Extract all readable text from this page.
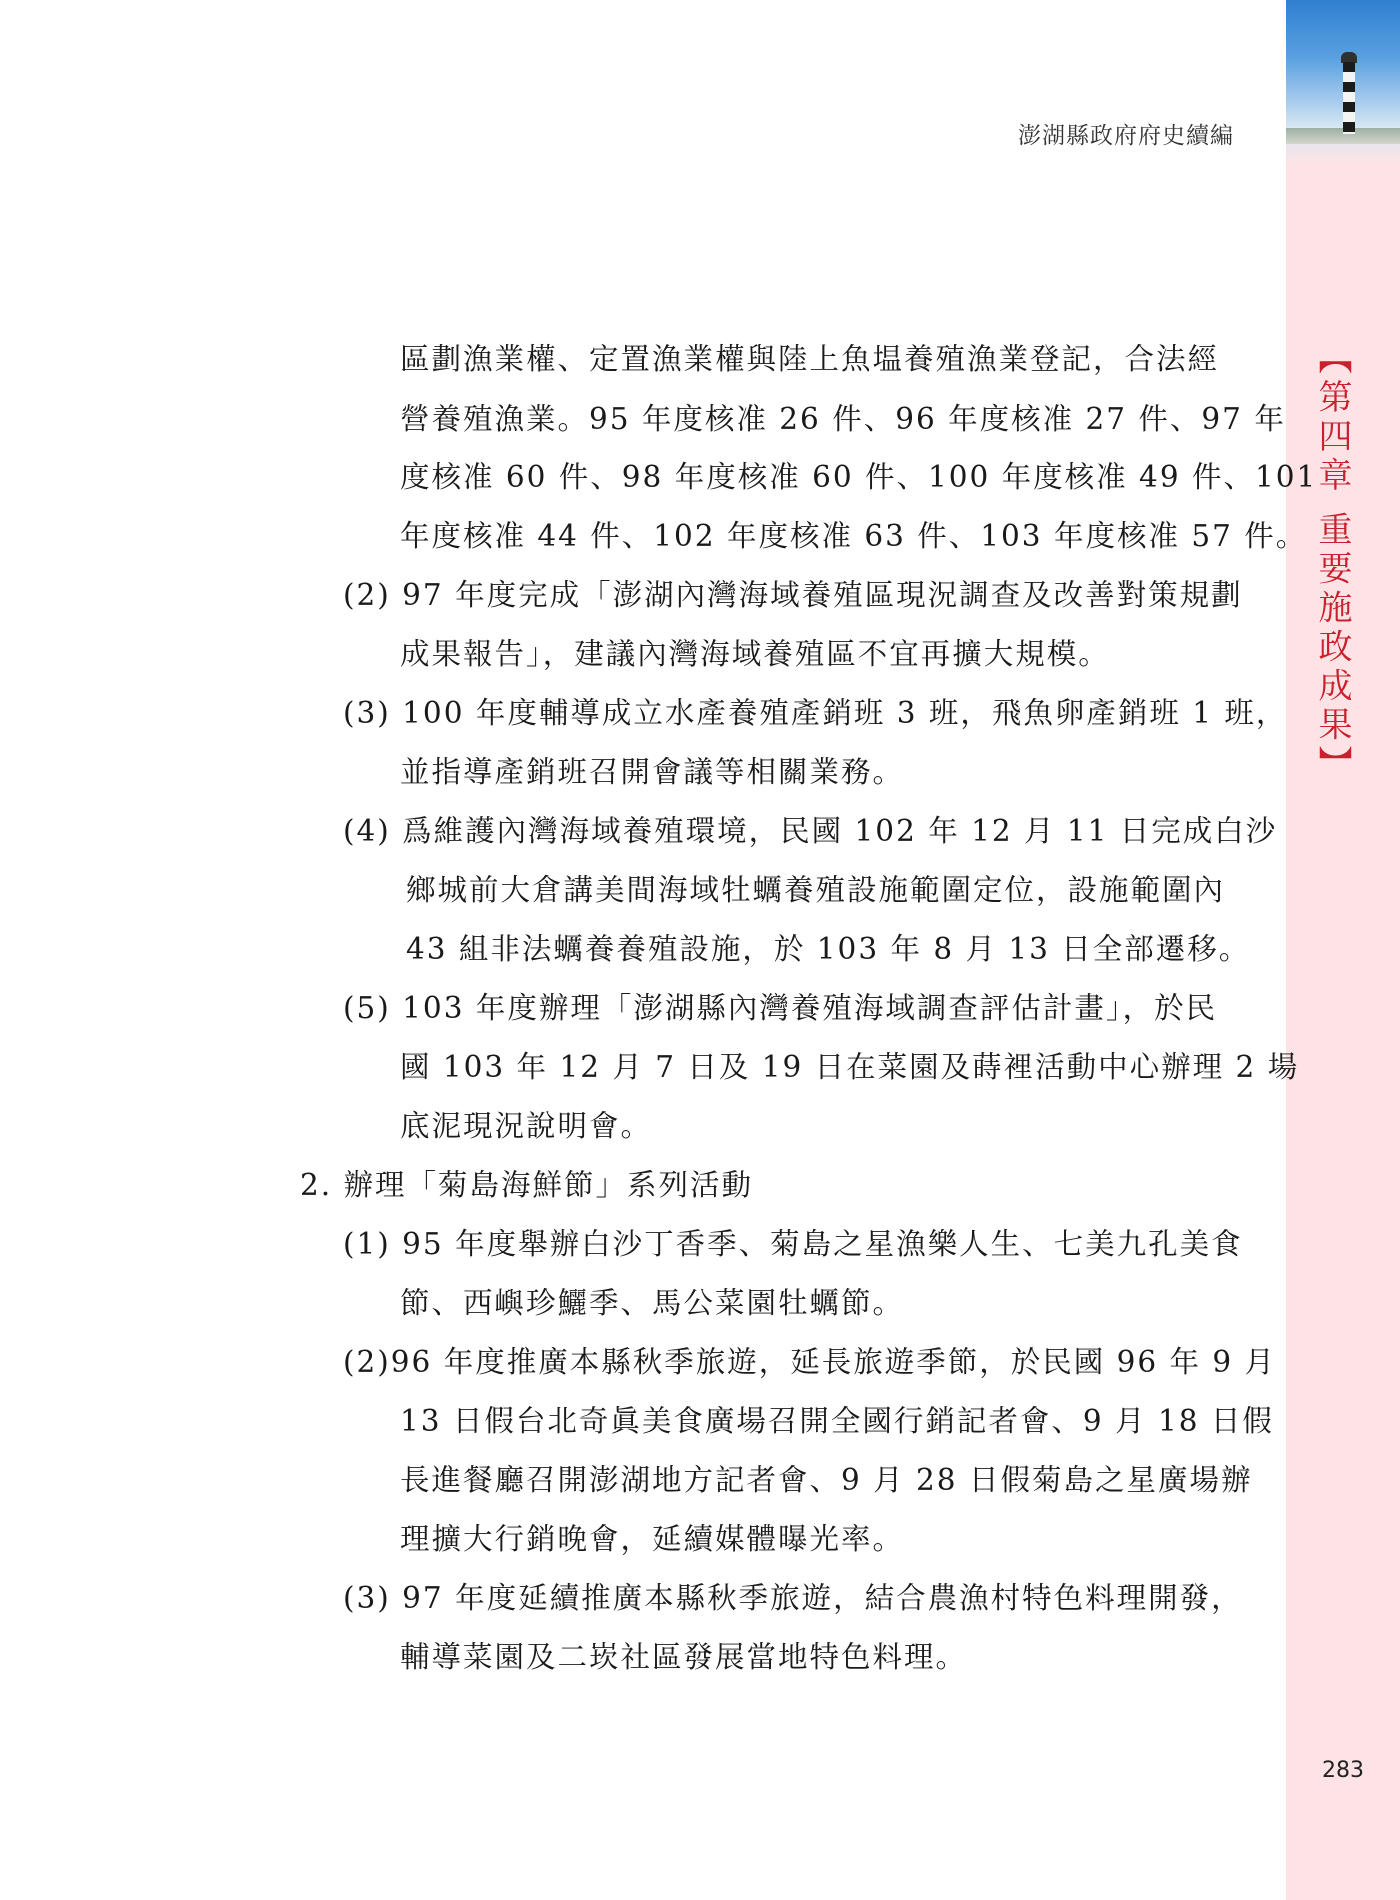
澎湖縣政府府史續編
【第四章 重要施政成果】
區劃漁業權、定置漁業權與陸上魚塭養殖漁業登記，合法經
營養殖漁業。95 年度核准 26 件、96 年度核准 27 件、97 年
度核准 60 件、98 年度核准 60 件、100 年度核准 49 件、101
年度核准 44 件、102 年度核准 63 件、103 年度核准 57 件。
(2) 97 年度完成「澎湖內灣海域養殖區現況調查及改善對策規劃
成果報告」，建議內灣海域養殖區不宜再擴大規模。
(3) 100 年度輔導成立水產養殖產銷班 3 班，飛魚卵產銷班 1 班，
並指導產銷班召開會議等相關業務。
(4) 爲維護內灣海域養殖環境，民國 102 年 12 月 11 日完成白沙
鄉城前大倉講美間海域牡蠣養殖設施範圍定位，設施範圍內
43 組非法蠣養養殖設施，於 103 年 8 月 13 日全部遷移。
(5) 103 年度辦理「澎湖縣內灣養殖海域調查評估計畫」，於民
國 103 年 12 月 7 日及 19 日在菜園及蒔裡活動中心辦理 2 場
底泥現況說明會。
2. 辦理「菊島海鮮節」系列活動
(1) 95 年度舉辦白沙丁香季、菊島之星漁樂人生、七美九孔美食
節、西嶼珍鱺季、馬公菜園牡蠣節。
(2)96 年度推廣本縣秋季旅遊，延長旅遊季節，於民國 96 年 9 月
13 日假台北奇眞美食廣場召開全國行銷記者會、9 月 18 日假
長進餐廳召開澎湖地方記者會、9 月 28 日假菊島之星廣場辦
理擴大行銷晚會，延續媒體曝光率。
(3) 97 年度延續推廣本縣秋季旅遊，結合農漁村特色料理開發，
輔導菜園及二崁社區發展當地特色料理。
283
